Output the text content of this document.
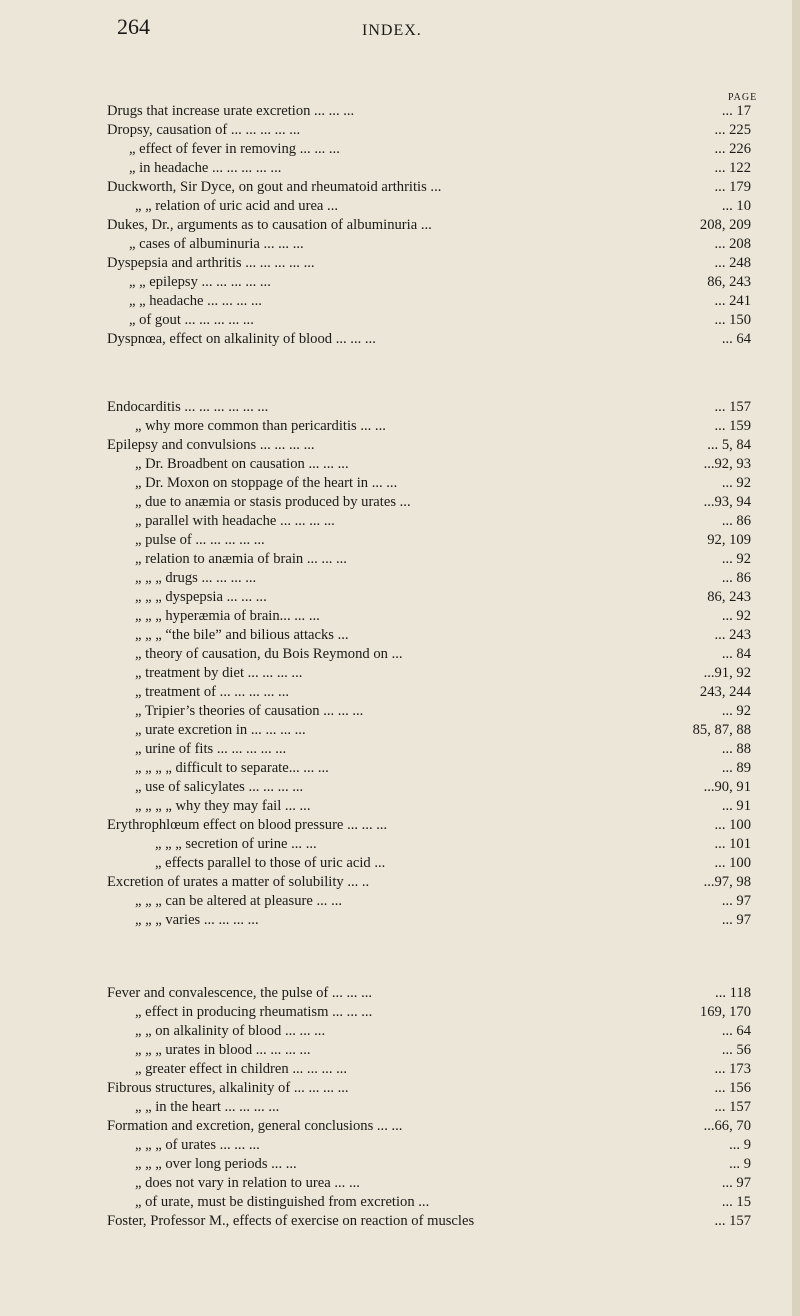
264	INDEX.
PAGE
Drugs that increase urate excretion ... ... ...	... 17
Dropsy, causation of ... ... ... ... ...	... 225
„ effect of fever in removing ... ... ...	... 226
„ in headache ... ... ... ... ...	... 122
Duckworth, Sir Dyce, on gout and rheumatoid arthritis ...	... 179
„ „ relation of uric acid and urea ...	... 10
Dukes, Dr., arguments as to causation of albuminuria ...	208, 209
„ cases of albuminuria ... ... ...	... 208
Dyspepsia and arthritis ... ... ... ... ...	... 248
„ „ epilepsy ... ... ... ... ...	86, 243
„ „ headache ... ... ... ...	... 241
„ of gout ... ... ... ... ...	... 150
Dyspnœa, effect on alkalinity of blood ... ... ...	... 64
Endocarditis ... ... ... ... ... ...	... 157
„ why more common than pericarditis ... ...	... 159
Epilepsy and convulsions ... ... ... ...	... 5, 84
„ Dr. Broadbent on causation ... ... ...	...92, 93
„ Dr. Moxon on stoppage of the heart in ... ...	... 92
„ due to anæmia or stasis produced by urates ...	...93, 94
„ parallel with headache ... ... ... ...	... 86
„ pulse of ... ... ... ... ...	92, 109
„ relation to anæmia of brain ... ... ...	... 92
„ „ „ drugs ... ... ... ...	... 86
„ „ „ dyspepsia ... ... ...	86, 243
„ „ „ hyperæmia of brain... ... ...	... 92
„ „ „ “the bile” and bilious attacks ...	... 243
„ theory of causation, du Bois Reymond on ...	... 84
„ treatment by diet ... ... ... ...	...91, 92
„ treatment of ... ... ... ... ...	243, 244
„ Tripier’s theories of causation ... ... ...	... 92
„ urate excretion in ... ... ... ...	85, 87, 88
„ urine of fits ... ... ... ... ...	... 88
„ „ „ „ difficult to separate... ... ...	... 89
„ use of salicylates ... ... ... ...	...90, 91
„ „ „ „ why they may fail ... ...	... 91
Erythrophlœum effect on blood pressure ... ... ...	... 100
„ „ „ secretion of urine ... ...	... 101
„ effects parallel to those of uric acid ...	... 100
Excretion of urates a matter of solubility ... ..	...97, 98
„ „ „ can be altered at pleasure ... ...	... 97
„ „ „ varies ... ... ... ...	... 97
Fever and convalescence, the pulse of ... ... ...	... 118
„ effect in producing rheumatism ... ... ...	169, 170
„ „ on alkalinity of blood ... ... ...	... 64
„ „ „ urates in blood ... ... ... ...	... 56
„ greater effect in children ... ... ... ...	... 173
Fibrous structures, alkalinity of ... ... ... ...	... 156
„ „ in the heart ... ... ... ...	... 157
Formation and excretion, general conclusions ... ...	...66, 70
„ „ „ of urates ... ... ...	... 9
„ „ „ over long periods ... ...	... 9
„ does not vary in relation to urea ... ...	... 97
„ of urate, must be distinguished from excretion ...	... 15
Foster, Professor M., effects of exercise on reaction of muscles	... 157
